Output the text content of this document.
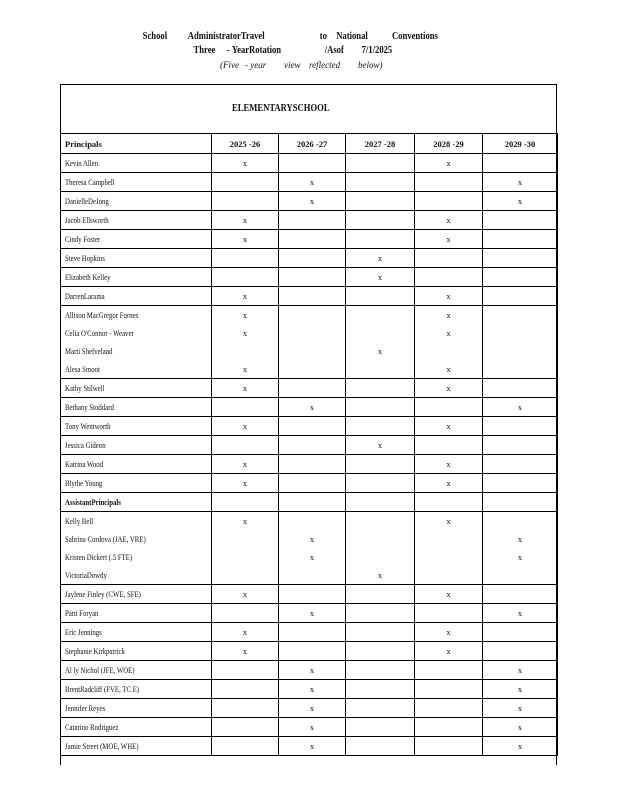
School AdministratorTravel	to National Conventions
Three - YearRotation	/Asof 7/1/2025
(Five - year view reflected below)
ELEMENTARYSCHOOL
Principals	2025 -26	2026 -27	2027 -28	2028 -29	2029 -30
Kevin Allen	x			x	
Theresa Campbell		x			x
DanielleDeJong		x			x
Jacob Ellsworth	x			x	
Cindy Foster	x			x	
Steve Hopkins			x		
Elizabeth Kelley			x		
DarrenLarama	x			x	
Allison MacGregor Fornes	x			x	
Celia O'Connor - Weaver	x			x	
Marti Shefveland			x		
Alesa Smoot	x			x	
Kathy Stilwell	x			x	
Bethany Stoddard		x			x
Tony Wentworth	x			x	
Jessica Gideon			x		
Katrina Wood	x			x	
Blythe Young	x			x	
AssistantPrincipals					
Kelly Bell	x			x	
Sabrina Cordova (JAE, VRE)		x			x
Kristen Dickert (.5 FTE)		x			x
VictoriaDowdy			x		
Jaylene Finley (CWE, SFE)	x			x	
Patti Foryan		x			x
Eric Jennings	x			x	
Stephanie Kirkpatrick	x			x	
Al ly Nichol (JFE, WOE)		x			x
BrentRadcliff (FVE, TC E)		x			x
Jennifer Reyes		x			x
Catarino Rodriguez		x			x
Jamie Street (MOE, WHE)		x			x
